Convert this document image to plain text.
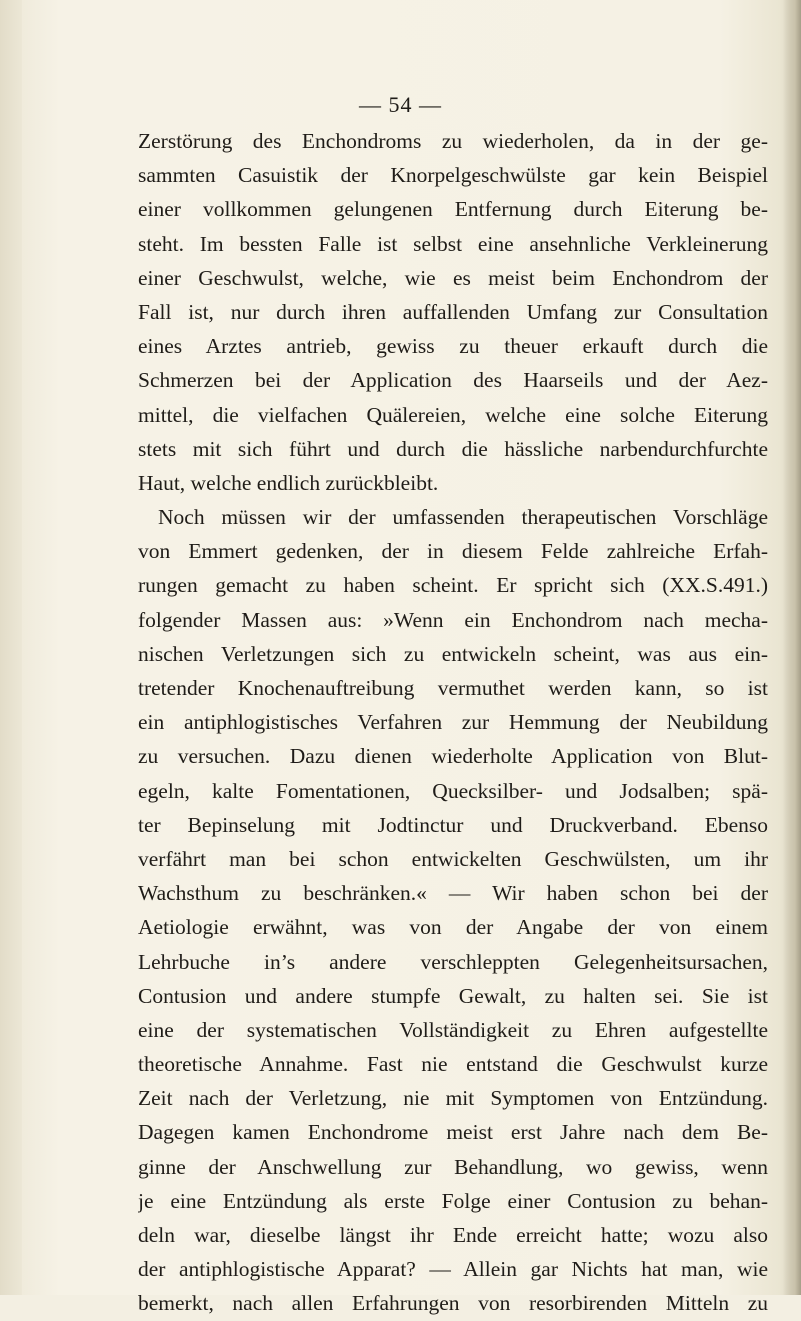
— 54 —
Zerstörung des Enchondroms zu wiederholen, da in der ge-
sammten Casuistik der Knorpelgeschwülste gar kein Beispiel
einer vollkommen gelungenen Entfernung durch Eiterung be-
steht. Im bessten Falle ist selbst eine ansehnliche Verkleinerung
einer Geschwulst, welche, wie es meist beim Enchondrom der
Fall ist, nur durch ihren auffallenden Umfang zur Consultation
eines Arztes antrieb, gewiss zu theuer erkauft durch die
Schmerzen bei der Application des Haarseils und der Aez-
mittel, die vielfachen Quälereien, welche eine solche Eiterung
stets mit sich führt und durch die hässliche narbendurchfurchte
Haut, welche endlich zurückbleibt.
Noch müssen wir der umfassenden therapeutischen Vorschläge
von Emmert gedenken, der in diesem Felde zahlreiche Erfah-
rungen gemacht zu haben scheint. Er spricht sich (XX.S.491.)
folgender Massen aus: »Wenn ein Enchondrom nach mecha-
nischen Verletzungen sich zu entwickeln scheint, was aus ein-
tretender Knochenauftreibung vermuthet werden kann, so ist
ein antiphlogistisches Verfahren zur Hemmung der Neubildung
zu versuchen. Dazu dienen wiederholte Application von Blut-
egeln, kalte Fomentationen, Quecksilber- und Jodsalben; spä-
ter Bepinselung mit Jodtinctur und Druckverband. Ebenso
verfährt man bei schon entwickelten Geschwülsten, um ihr
Wachsthum zu beschränken.« — Wir haben schon bei der
Aetiologie erwähnt, was von der Angabe der von einem
Lehrbuche in’s andere verschleppten Gelegenheitsursachen,
Contusion und andere stumpfe Gewalt, zu halten sei. Sie ist
eine der systematischen Vollständigkeit zu Ehren aufgestellte
theoretische Annahme. Fast nie entstand die Geschwulst kurze
Zeit nach der Verletzung, nie mit Symptomen von Entzündung.
Dagegen kamen Enchondrome meist erst Jahre nach dem Be-
ginne der Anschwellung zur Behandlung, wo gewiss, wenn
je eine Entzündung als erste Folge einer Contusion zu behan-
deln war, dieselbe längst ihr Ende erreicht hatte; wozu also
der antiphlogistische Apparat? — Allein gar Nichts hat man, wie
bemerkt, nach allen Erfahrungen von resorbirenden Mitteln zu
